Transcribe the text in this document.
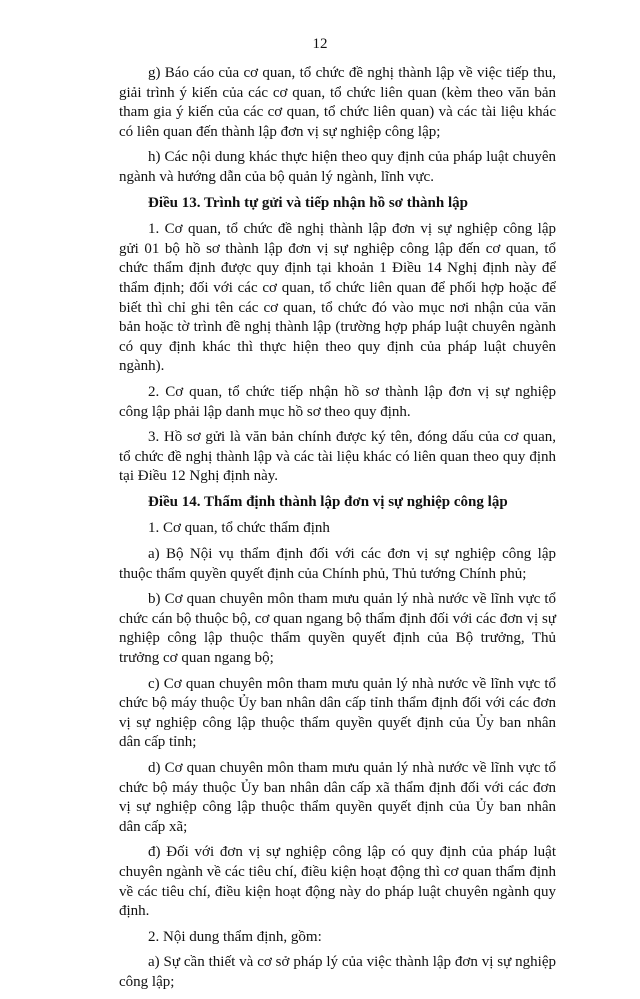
12

g) Báo cáo của cơ quan, tổ chức đề nghị thành lập về việc tiếp thu, giải trình ý kiến của các cơ quan, tổ chức liên quan (kèm theo văn bản tham gia ý kiến của các cơ quan, tổ chức liên quan) và các tài liệu khác có liên quan đến thành lập đơn vị sự nghiệp công lập;

h) Các nội dung khác thực hiện theo quy định của pháp luật chuyên ngành và hướng dẫn của bộ quản lý ngành, lĩnh vực.

Điều 13. Trình tự gửi và tiếp nhận hồ sơ thành lập

1. Cơ quan, tổ chức đề nghị thành lập đơn vị sự nghiệp công lập gửi 01 bộ hồ sơ thành lập đơn vị sự nghiệp công lập đến cơ quan, tổ chức thẩm định được quy định tại khoản 1 Điều 14 Nghị định này để thẩm định; đối với các cơ quan, tổ chức liên quan để phối hợp hoặc để biết thì chỉ ghi tên các cơ quan, tổ chức đó vào mục nơi nhận của văn bản hoặc tờ trình đề nghị thành lập (trường hợp pháp luật chuyên ngành có quy định khác thì thực hiện theo quy định của pháp luật chuyên ngành).

2. Cơ quan, tổ chức tiếp nhận hồ sơ thành lập đơn vị sự nghiệp công lập phải lập danh mục hồ sơ theo quy định.

3. Hồ sơ gửi là văn bản chính được ký tên, đóng dấu của cơ quan, tổ chức đề nghị thành lập và các tài liệu khác có liên quan theo quy định tại Điều 12 Nghị định này.

Điều 14. Thẩm định thành lập đơn vị sự nghiệp công lập

1. Cơ quan, tổ chức thẩm định

a) Bộ Nội vụ thẩm định đối với các đơn vị sự nghiệp công lập thuộc thẩm quyền quyết định của Chính phủ, Thủ tướng Chính phủ;

b) Cơ quan chuyên môn tham mưu quản lý nhà nước về lĩnh vực tổ chức cán bộ thuộc bộ, cơ quan ngang bộ thẩm định đối với các đơn vị sự nghiệp công lập thuộc thẩm quyền quyết định của Bộ trưởng, Thủ trưởng cơ quan ngang bộ;

c) Cơ quan chuyên môn tham mưu quản lý nhà nước về lĩnh vực tổ chức bộ máy thuộc Ủy ban nhân dân cấp tỉnh thẩm định đối với các đơn vị sự nghiệp công lập thuộc thẩm quyền quyết định của Ủy ban nhân dân cấp tỉnh;

d) Cơ quan chuyên môn tham mưu quản lý nhà nước về lĩnh vực tổ chức bộ máy thuộc Ủy ban nhân dân cấp xã thẩm định đối với các đơn vị sự nghiệp công lập thuộc thẩm quyền quyết định của Ủy ban nhân dân cấp xã;

đ) Đối với đơn vị sự nghiệp công lập có quy định của pháp luật chuyên ngành về các tiêu chí, điều kiện hoạt động thì cơ quan thẩm định về các tiêu chí, điều kiện hoạt động này do pháp luật chuyên ngành quy định.

2. Nội dung thẩm định, gồm:

a) Sự cần thiết và cơ sở pháp lý của việc thành lập đơn vị sự nghiệp công lập;
